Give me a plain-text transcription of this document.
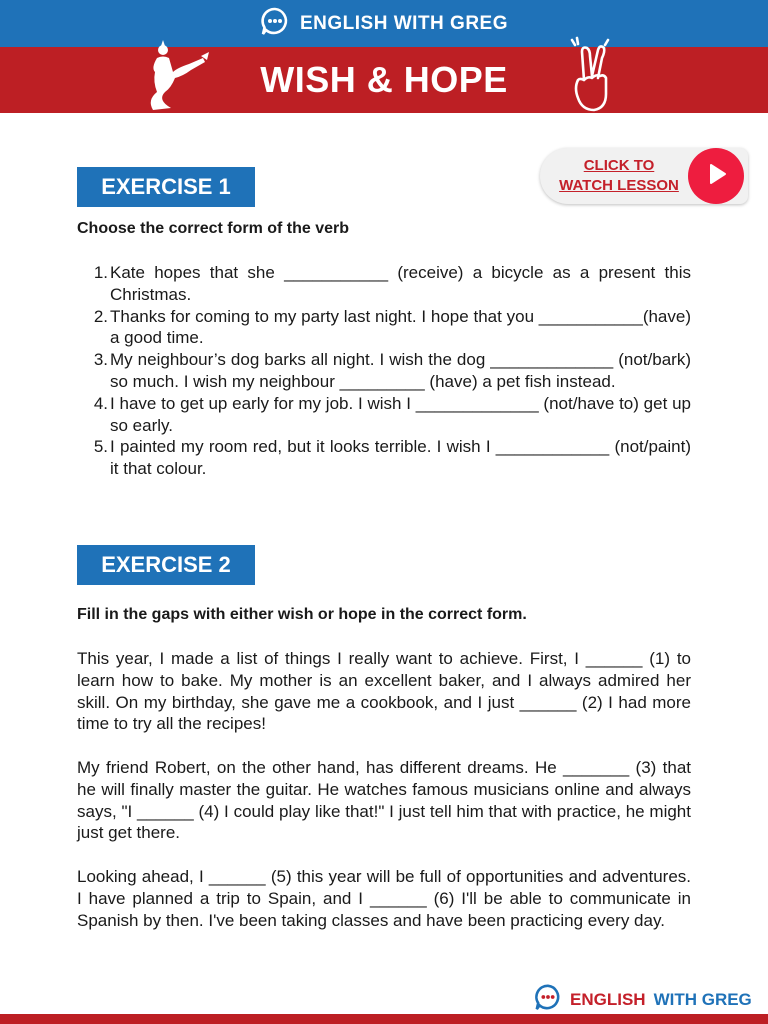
ENGLISH WITH GREG
WISH & HOPE
CLICK TO
WATCH LESSON
EXERCISE 1

Choose the correct form of the verb

1. Kate hopes that she ___________ (receive) a bicycle as a present this Christmas.
2. Thanks for coming to my party last night. I hope that you ___________(have) a good time.
3. My neighbour’s dog barks all night. I wish the dog _____________ (not/bark) so much. I wish my neighbour _________ (have) a pet fish instead.
4. I have to get up early for my job. I wish I _____________ (not/have to) get up so early.
5. I painted my room red, but it looks terrible. I wish I ____________ (not/paint) it that colour.
EXERCISE 2

Fill in the gaps with either wish or hope in the correct form.

This year, I made a list of things I really want to achieve. First, I ______ (1) to learn how to bake. My mother is an excellent baker, and I always admired her skill. On my birthday, she gave me a cookbook, and I just ______ (2) I had more time to try all the recipes!

My friend Robert, on the other hand, has different dreams. He _______ (3) that he will finally master the guitar. He watches famous musicians online and always says, "I ______ (4) I could play like that!" I just tell him that with practice, he might just get there.

Looking ahead, I ______ (5) this year will be full of opportunities and adventures. I have planned a trip to Spain, and I ______ (6) I'll be able to communicate in Spanish by then. I've been taking classes and have been practicing every day.

ENGLISH WITH GREG
